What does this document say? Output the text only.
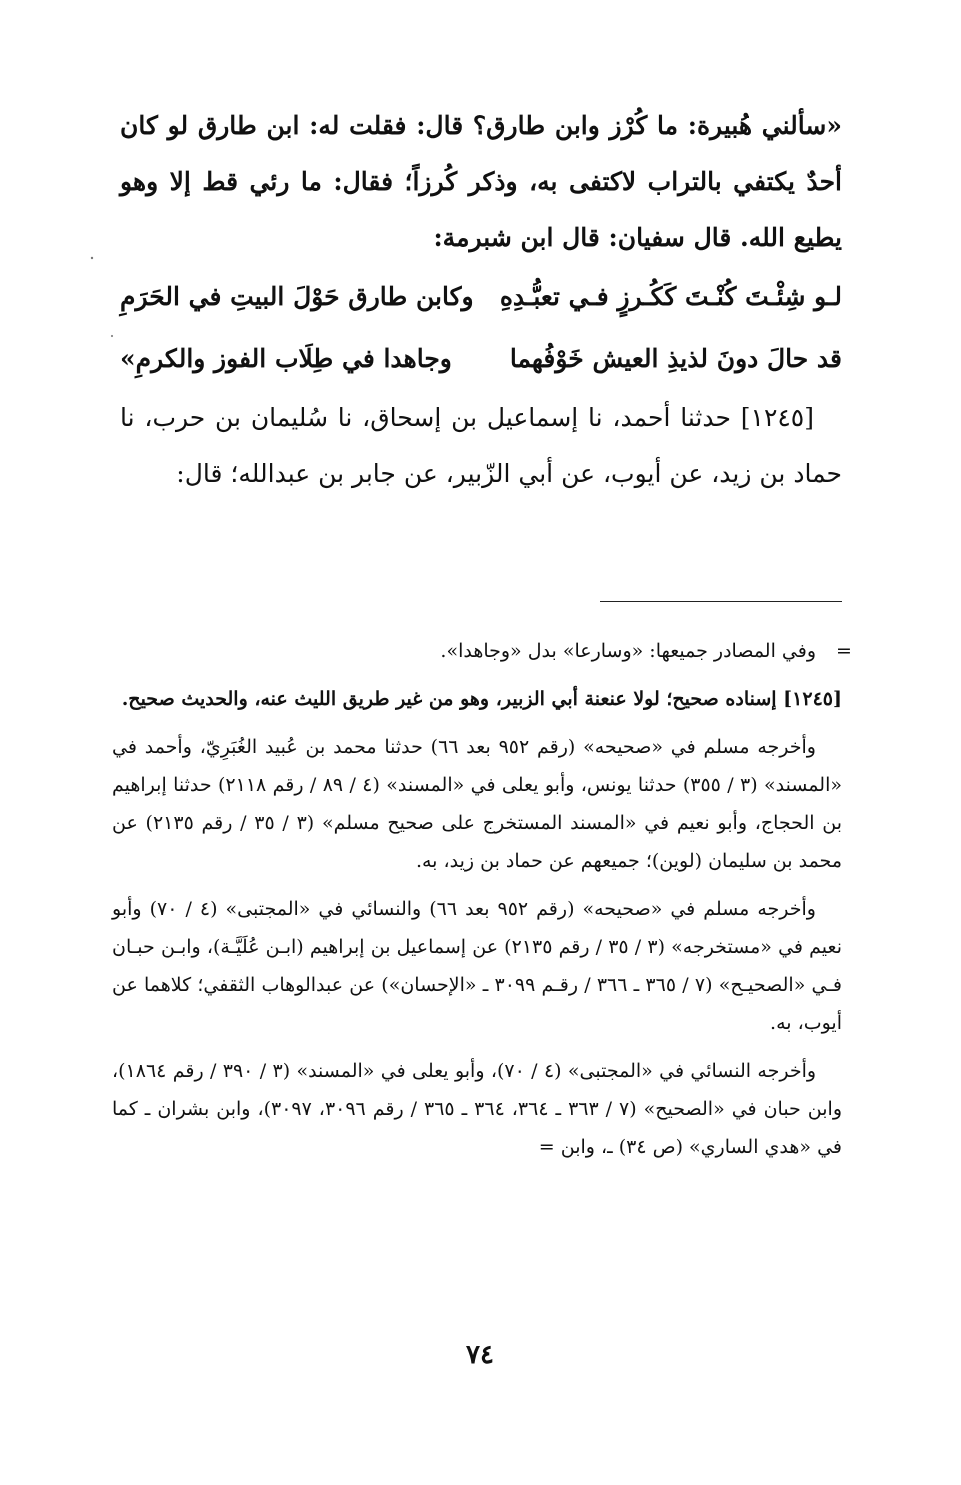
«سألني هُبيرة: ما كُرْز وابن طارق؟ قال: فقلت له: ابن طارق لو كان أحدٌ يكتفي بالتراب لاكتفى به، وذكر كُرزاً؛ فقال: ما رئي قط إلا وهو يطيع الله. قال سفيان: قال ابن شبرمة:

لـو شِئْـتَ كُنْـتَ كَكُـرزٍ فـي تعبُّـدِهِ
وكابن طارق حَوْلَ البيتِ في الحَرَمِ
قد حالَ دونَ لذيذِ العيش خَوْفُهما
وجاهدا في طِلَاب الفوز والكرمِ»

[١٢٤٥] حدثنا أحمد، نا إسماعيل بن إسحاق، نا سُليمان بن حرب، نا حماد بن زيد، عن أيوب، عن أبي الزّبير، عن جابر بن عبدالله؛ قال:

=

وفي المصادر جميعها: «وسارعا» بدل «وجاهدا».

[١٢٤٥] إسناده صحيح؛ لولا عنعنة أبي الزبير، وهو من غير طريق الليث عنه، والحديث صحيح.

وأخرجه مسلم في «صحيحه» (رقم ٩٥٢ بعد ٦٦) حدثنا محمد بن عُبيد الغُبَرِيّ، وأحمد في «المسند» (٣ / ٣٥٥) حدثنا يونس، وأبو يعلى في «المسند» (٤ / ٨٩ / رقم ٢١١٨) حدثنا إبراهيم بن الحجاج، وأبو نعيم في «المسند المستخرج على صحيح مسلم» (٣ / ٣٥ / رقم ٢١٣٥) عن محمد بن سليمان (لوين)؛ جميعهم عن حماد بن زيد، به.

وأخرجه مسلم في «صحيحه» (رقم ٩٥٢ بعد ٦٦) والنسائي في «المجتبى» (٤ / ٧٠) وأبو نعيم في «مستخرجه» (٣ / ٣٥ / رقم ٢١٣٥) عن إسماعيل بن إبراهيم (ابـن عُلَيَّـة)، وابـن حبـان فـي «الصحيـح» (٧ / ٣٦٥ ـ ٣٦٦ / رقـم ٣٠٩٩ ـ «الإحسان») عن عبدالوهاب الثقفي؛ كلاهما عن أيوب، به.

وأخرجه النسائي في «المجتبى» (٤ / ٧٠)، وأبو يعلى في «المسند» (٣ / ٣٩٠ / رقم ١٨٦٤)، وابن حبان في «الصحيح» (٧ / ٣٦٣ ـ ٣٦٤، ٣٦٤ ـ ٣٦٥ / رقم ٣٠٩٦، ٣٠٩٧)، وابن بشران ـ كما في «هدي الساري» (ص ٣٤) ـ، وابن =

٧٤
